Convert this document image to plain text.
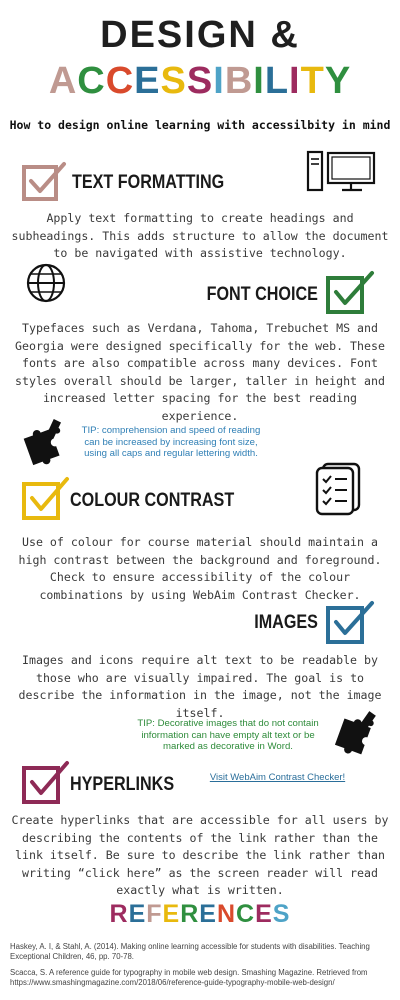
DESIGN &
ACCESSIBILITY
How to design online learning with accessilbity in mind
TEXT FORMATTING
Apply text formatting to create headings and subheadings. This adds structure to allow the document to be navigated with assistive technology.
FONT CHOICE
Typefaces such as Verdana, Tahoma, Trebuchet MS and Georgia were designed specifically for the web. These fonts are also compatible across many devices. Font styles overall should be larger, taller in height and increased letter spacing for the best reading experience.
TIP: comprehension and speed of reading can be increased by increasing font size, using all caps and regular lettering width.
COLOUR CONTRAST
Use of colour for course material should maintain a high contrast between the background and foreground. Check to ensure accessibility of the colour combinations by using WebAim Contrast Checker.
IMAGES
Images and icons require alt text to be readable by those who are visually impaired. The goal is to describe the information in the image, not the image itself.
TIP: Decorative images that do not contain information can have empty alt text or be marked as decorative in Word.
HYPERLINKS	Visit WebAim Contrast Checker!
Create hyperlinks that are accessible for all users by describing the contents of the link rather than the link itself. Be sure to describe the link rather than writing “click here” as the screen reader will read exactly what is written.
REFERENCES
Haskey, A. I, & Stahl, A. (2014). Making online learning accessible for students with disabilities. Teaching Exceptional Children, 46, pp. 70-78.
Scacca, S. A reference guide for typography in mobile web design. Smashing Magazine. Retrieved from https://www.smashingmagazine.com/2018/06/reference-guide-typography-mobile-web-design/
